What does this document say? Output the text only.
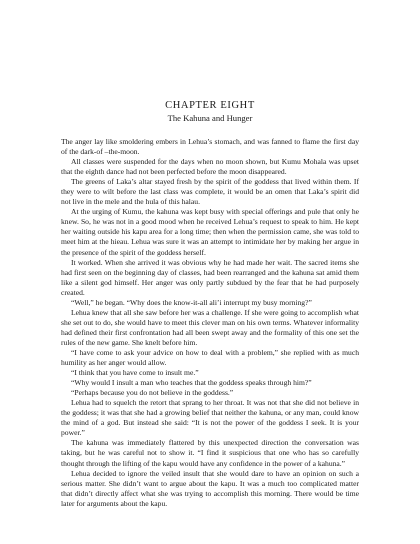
CHAPTER EIGHT
The Kahuna and Hunger

The anger lay like smoldering embers in Lehua’s stomach, and was fanned to flame the first day of the dark-of –the-moon.

All classes were suspended for the days when no moon shown, but Kumu Mohala was upset that the eighth dance had not been perfected before the moon disappeared.

The greens of Laka’s altar stayed fresh by the spirit of the goddess that lived within them. If they were to wilt before the last class was complete, it would be an omen that Laka’s spirit did not live in the mele and the hula of this halau.

At the urging of Kumu, the kahuna was kept busy with special offerings and pule that only he knew. So, he was not in a good mood when he received Lehua’s request to speak to him. He kept her waiting outside his kapu area for a long time; then when the permission came, she was told to meet him at the hieau. Lehua was sure it was an attempt to intimidate her by making her argue in the presence of the spirit of the goddess herself.

It worked. When she arrived it was obvious why he had made her wait. The sacred items she had first seen on the beginning day of classes, had been rearranged and the kahuna sat amid them like a silent god himself. Her anger was only partly subdued by the fear that he had purposely created.

“Well,” he began. “Why does the know-it-all ali’i interrupt my busy morning?”

Lehua knew that all she saw before her was a challenge. If she were going to accomplish what she set out to do, she would have to meet this clever man on his own terms. Whatever informality had defined their first confrontation had all been swept away and the formality of this one set the rules of the new game. She knelt before him.

“I have come to ask your advice on how to deal with a problem,” she replied with as much humility as her anger would allow.

“I think that you have come to insult me.”

“Why would I insult a man who teaches that the goddess speaks through him?”

“Perhaps because you do not believe in the goddess.”

Lehua had to squelch the retort that sprang to her throat. It was not that she did not believe in the goddess; it was that she had a growing belief that neither the kahuna, or any man, could know the mind of a god. But instead she said: “It is not the power of the goddess I seek. It is your power.”

The kahuna was immediately flattered by this unexpected direction the conversation was taking, but he was careful not to show it. “I find it suspicious that one who has so carefully thought through the lifting of the kapu would have any confidence in the power of a kahuna.”

Lehua decided to ignore the veiled insult that she would dare to have an opinion on such a serious matter. She didn’t want to argue about the kapu. It was a much too complicated matter that didn’t directly affect what she was trying to accomplish this morning. There would be time later for arguments about the kapu.
